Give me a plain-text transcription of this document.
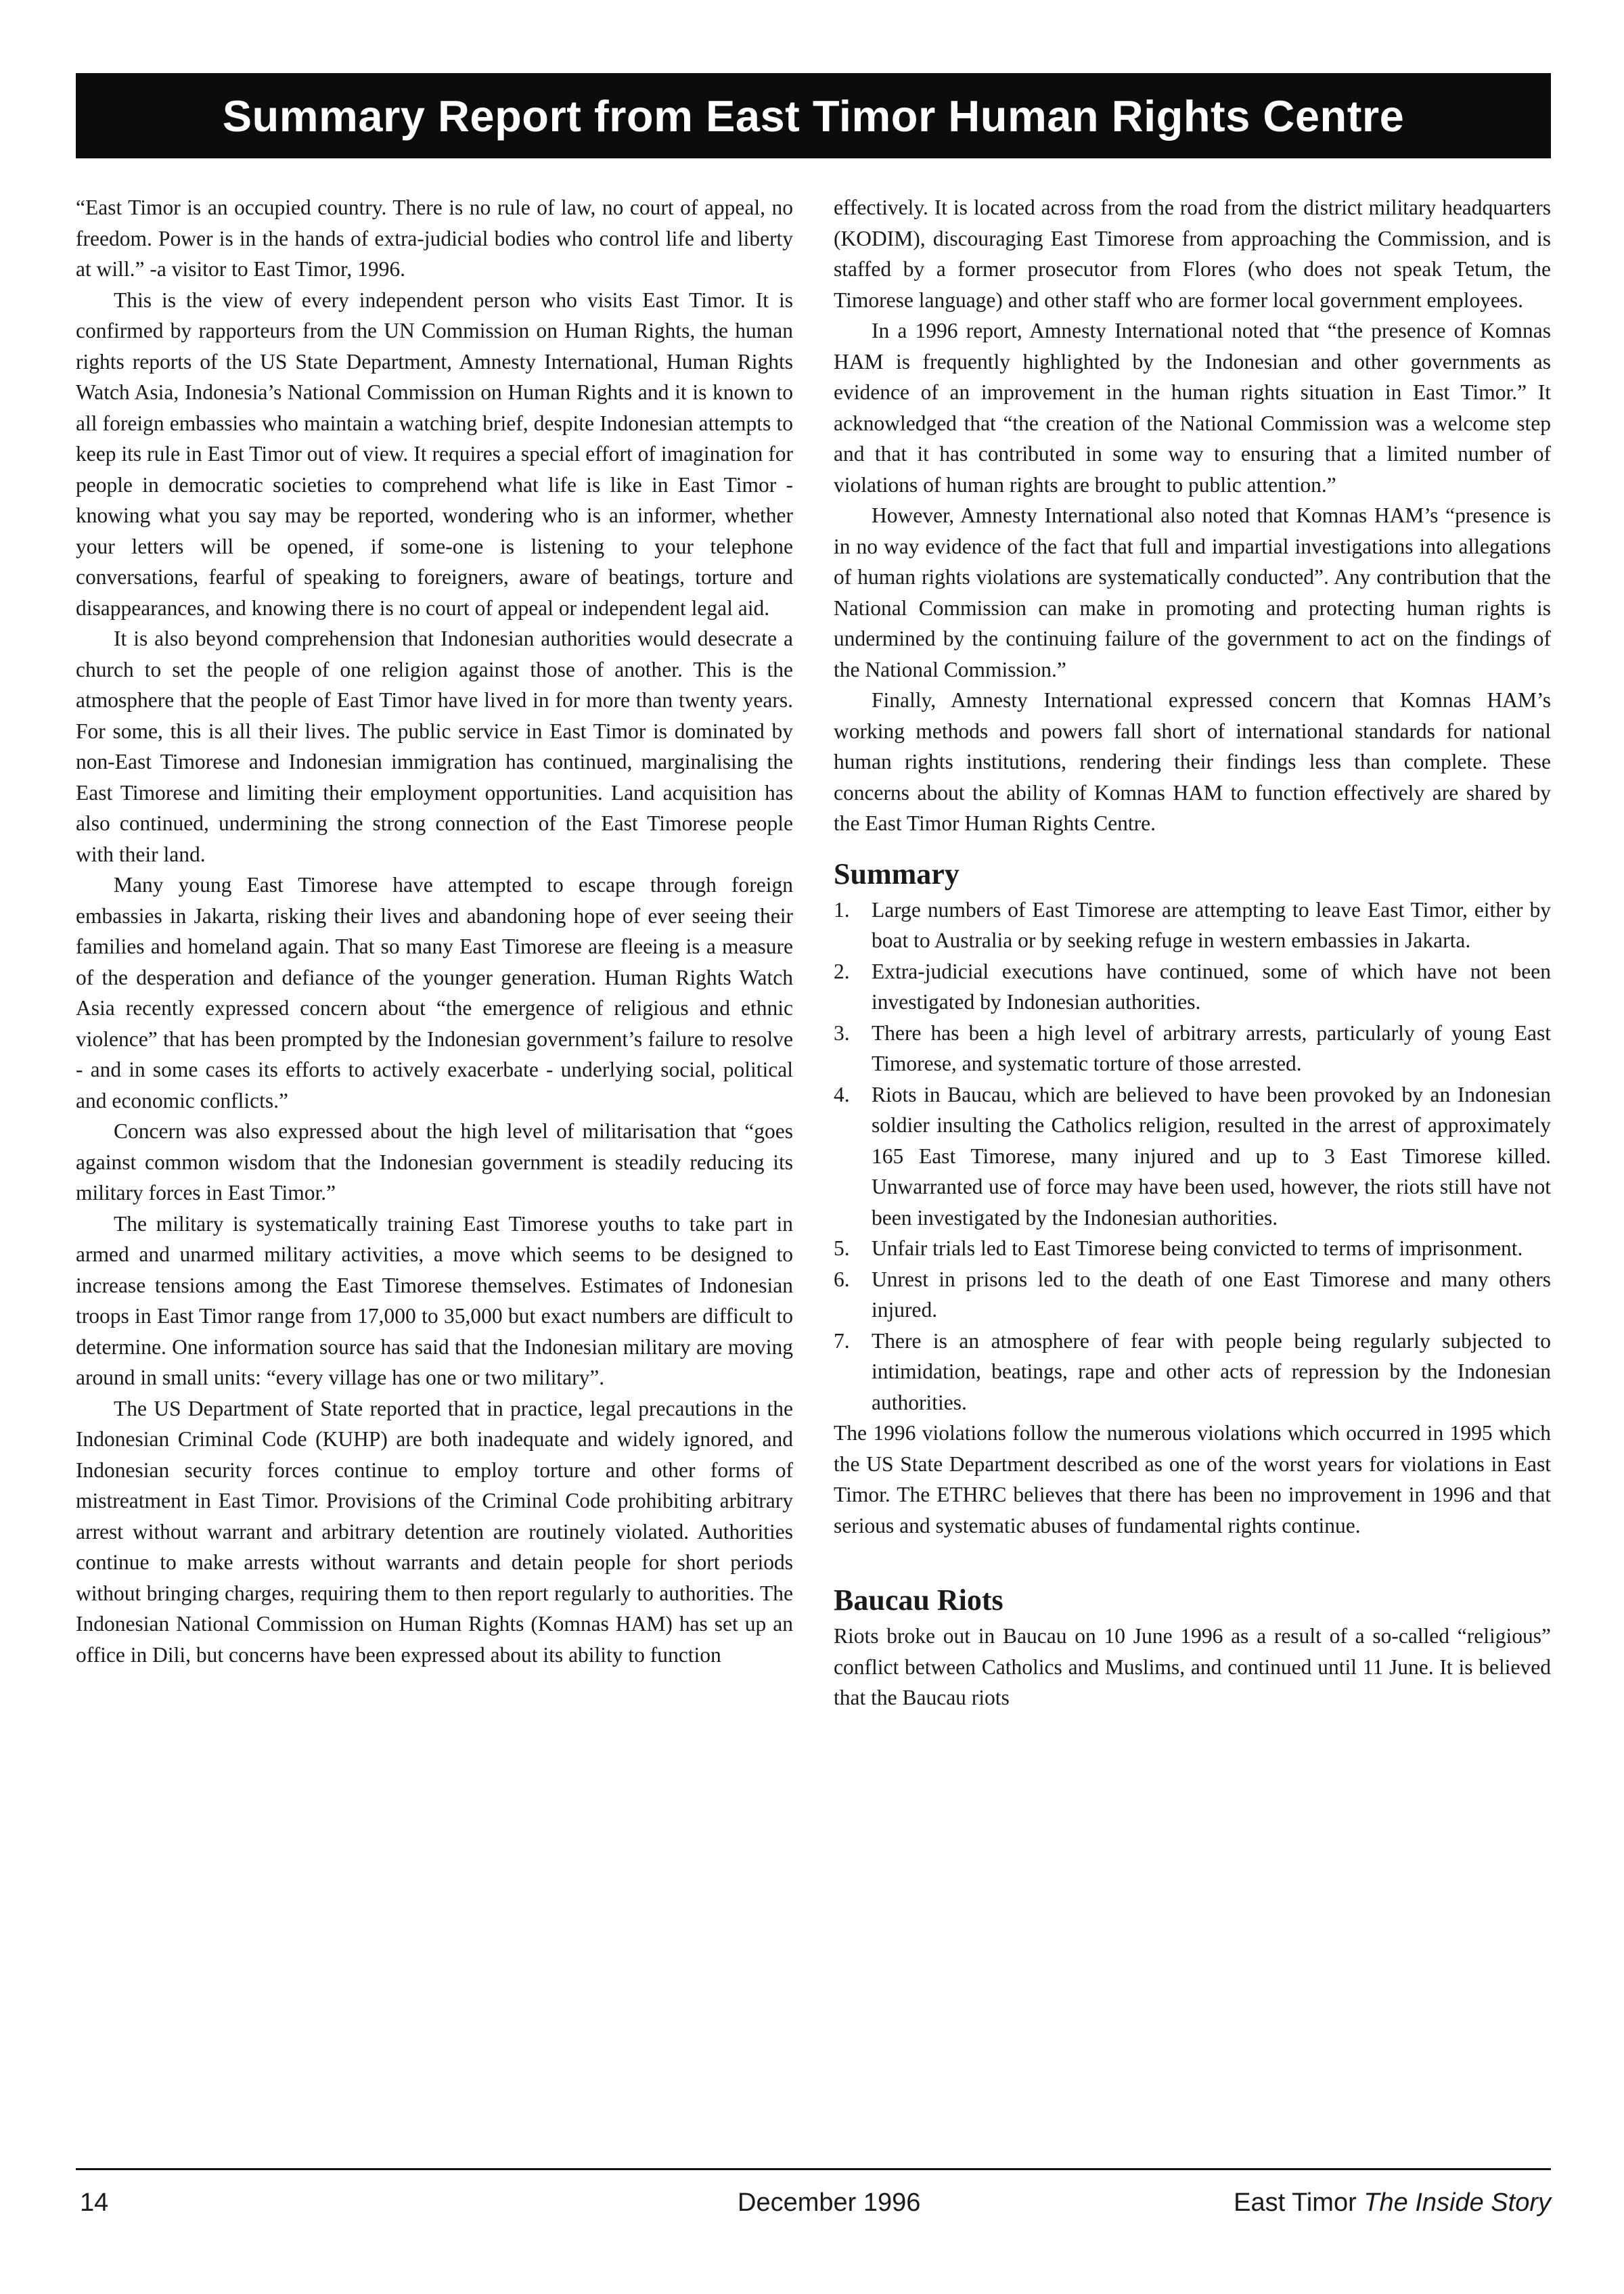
Summary Report from East Timor Human Rights Centre

“East Timor is an occupied country. There is no rule of law, no court of appeal, no freedom. Power is in the hands of extra-judicial bodies who control life and liberty at will.” -a visitor to East Timor, 1996.

This is the view of every independent person who visits East Timor. It is confirmed by rapporteurs from the UN Commission on Human Rights, the human rights reports of the US State Department, Amnesty International, Human Rights Watch Asia, Indonesia’s National Commission on Human Rights and it is known to all foreign embassies who maintain a watching brief, despite Indonesian attempts to keep its rule in East Timor out of view. It requires a special effort of imagination for people in democratic societies to comprehend what life is like in East Timor - knowing what you say may be reported, wondering who is an informer, whether your letters will be opened, if some-one is listening to your telephone conversations, fearful of speaking to foreigners, aware of beatings, torture and disappearances, and knowing there is no court of appeal or independent legal aid.

It is also beyond comprehension that Indonesian authorities would desecrate a church to set the people of one religion against those of another. This is the atmosphere that the people of East Timor have lived in for more than twenty years. For some, this is all their lives. The public service in East Timor is dominated by non-East Timorese and Indonesian immigration has continued, marginalising the East Timorese and limiting their employment opportunities. Land acquisition has also continued, undermining the strong connection of the East Timorese people with their land.

Many young East Timorese have attempted to escape through foreign embassies in Jakarta, risking their lives and abandoning hope of ever seeing their families and homeland again. That so many East Timorese are fleeing is a measure of the desperation and defiance of the younger generation. Human Rights Watch Asia recently expressed concern about “the emergence of religious and ethnic violence” that has been prompted by the Indonesian government’s failure to resolve - and in some cases its efforts to actively exacerbate - underlying social, political and economic conflicts.”

Concern was also expressed about the high level of militarisation that “goes against common wisdom that the Indonesian government is steadily reducing its military forces in East Timor.”

The military is systematically training East Timorese youths to take part in armed and unarmed military activities, a move which seems to be designed to increase tensions among the East Timorese themselves. Estimates of Indonesian troops in East Timor range from 17,000 to 35,000 but exact numbers are difficult to determine. One information source has said that the Indonesian military are moving around in small units: “every village has one or two military”.

The US Department of State reported that in practice, legal precautions in the Indonesian Criminal Code (KUHP) are both inadequate and widely ignored, and Indonesian security forces continue to employ torture and other forms of mistreatment in East Timor. Provisions of the Criminal Code prohibiting arbitrary arrest without warrant and arbitrary detention are routinely violated. Authorities continue to make arrests without warrants and detain people for short periods without bringing charges, requiring them to then report regularly to authorities. The Indonesian National Commission on Human Rights (Komnas HAM) has set up an office in Dili, but concerns have been expressed about its ability to function

effectively. It is located across from the road from the district military headquarters (KODIM), discouraging East Timorese from approaching the Commission, and is staffed by a former prosecutor from Flores (who does not speak Tetum, the Timorese language) and other staff who are former local government employees.

In a 1996 report, Amnesty International noted that “the presence of Komnas HAM is frequently highlighted by the Indonesian and other governments as evidence of an improvement in the human rights situation in East Timor.” It acknowledged that “the creation of the National Commission was a welcome step and that it has contributed in some way to ensuring that a limited number of violations of human rights are brought to public attention.”

However, Amnesty International also noted that Komnas HAM’s “presence is in no way evidence of the fact that full and impartial investigations into allegations of human rights violations are systematically conducted”. Any contribution that the National Commission can make in promoting and protecting human rights is undermined by the continuing failure of the government to act on the findings of the National Commission.”

Finally, Amnesty International expressed concern that Komnas HAM’s working methods and powers fall short of international standards for national human rights institutions, rendering their findings less than complete. These concerns about the ability of Komnas HAM to function effectively are shared by the East Timor Human Rights Centre.

Summary
1. Large numbers of East Timorese are attempting to leave East Timor, either by boat to Australia or by seeking refuge in western embassies in Jakarta.
2. Extra-judicial executions have continued, some of which have not been investigated by Indonesian authorities.
3. There has been a high level of arbitrary arrests, particularly of young East Timorese, and systematic torture of those arrested.
4. Riots in Baucau, which are believed to have been provoked by an Indonesian soldier insulting the Catholics religion, resulted in the arrest of approximately 165 East Timorese, many injured and up to 3 East Timorese killed. Unwarranted use of force may have been used, however, the riots still have not been investigated by the Indonesian authorities.
5. Unfair trials led to East Timorese being convicted to terms of imprisonment.
6. Unrest in prisons led to the death of one East Timorese and many others injured.
7. There is an atmosphere of fear with people being regularly subjected to intimidation, beatings, rape and other acts of repression by the Indonesian authorities.

The 1996 violations follow the numerous violations which occurred in 1995 which the US State Department described as one of the worst years for violations in East Timor. The ETHRC believes that there has been no improvement in 1996 and that serious and systematic abuses of fundamental rights continue.

Baucau Riots

Riots broke out in Baucau on 10 June 1996 as a result of a so-called “religious” conflict between Catholics and Muslims, and continued until 11 June. It is believed that the Baucau riots

14	December 1996	East Timor The Inside Story
